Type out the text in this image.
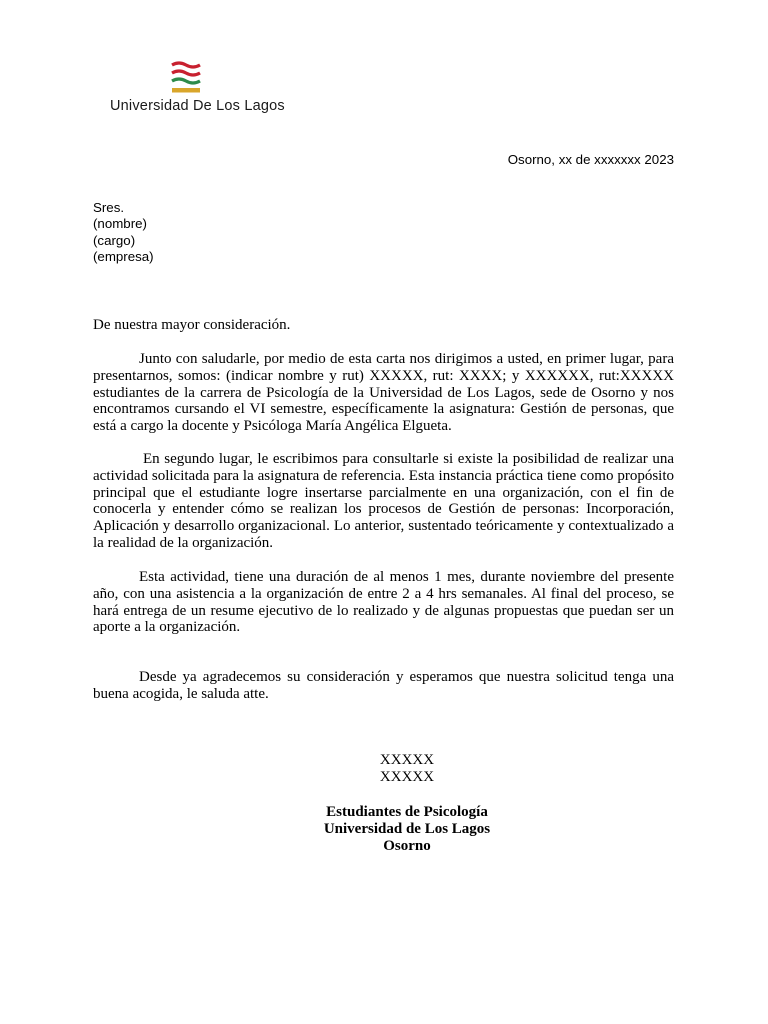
Universidad De Los Lagos
Osorno, xx de xxxxxxx 2023
Sres.
(nombre)
(cargo)
(empresa)
De nuestra mayor consideración.
Junto con saludarle, por medio de esta carta nos dirigimos a usted, en primer lugar, para presentarnos, somos: (indicar nombre y rut) XXXXX, rut: XXXX; y XXXXXX, rut:XXXXX estudiantes de la carrera de Psicología de la Universidad de Los Lagos, sede de Osorno y nos encontramos cursando el VI semestre, específicamente la asignatura: Gestión de personas, que está a cargo la docente y Psicóloga María Angélica Elgueta.
En segundo lugar, le escribimos para consultarle si existe la posibilidad de realizar una actividad solicitada para la asignatura de referencia. Esta instancia práctica tiene como propósito principal que el estudiante logre insertarse parcialmente en una organización, con el fin de conocerla y entender cómo se realizan los procesos de Gestión de personas: Incorporación, Aplicación y desarrollo organizacional. Lo anterior, sustentado teóricamente y contextualizado a la realidad de la organización.
Esta actividad, tiene una duración de al menos 1 mes, durante noviembre del presente año, con una asistencia a la organización de entre 2 a 4 hrs semanales. Al final del proceso, se hará entrega de un resume ejecutivo de lo realizado y de algunas propuestas que puedan ser un aporte a la organización.
Desde ya agradecemos su consideración y esperamos que nuestra solicitud tenga una buena acogida, le saluda atte.
XXXXX
XXXXX
Estudiantes de Psicología
Universidad de Los Lagos
Osorno
